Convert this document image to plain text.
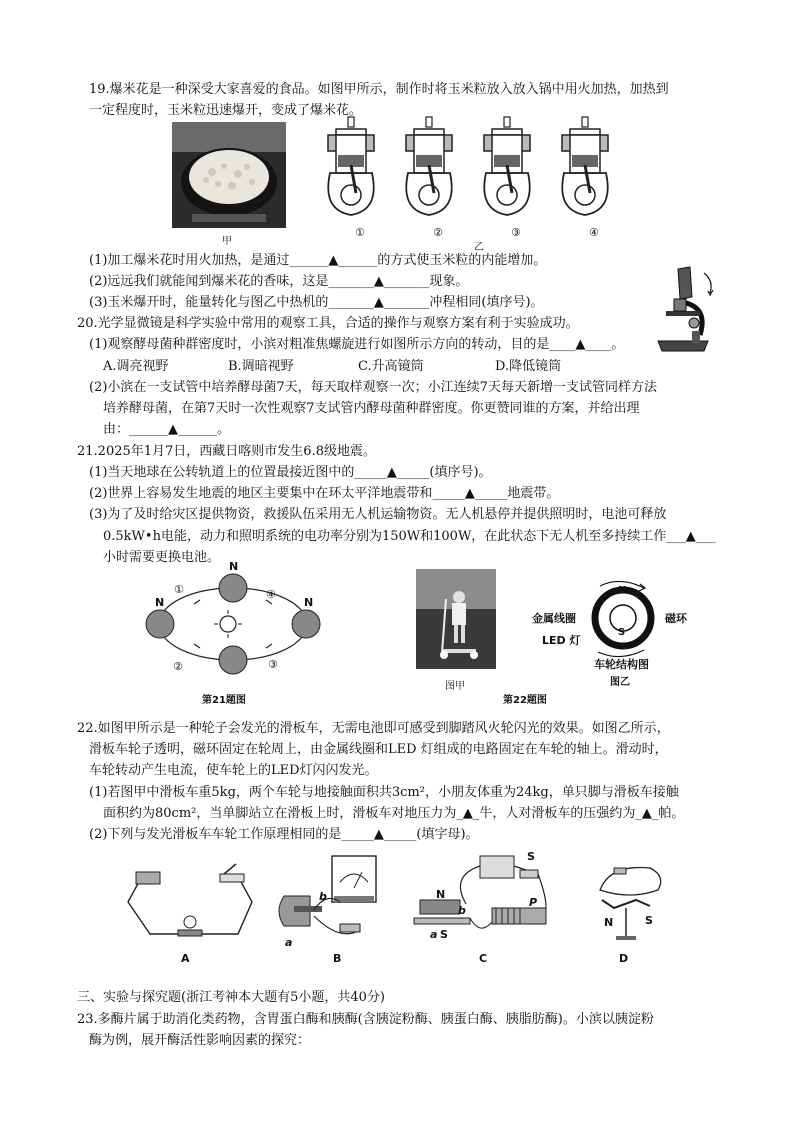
19.爆米花是一种深受大家喜爱的食品。如图甲所示，制作时将玉米粒放入放入锅中用火加热，加热到
一定程度时，玉米粒迅速爆开，变成了爆米花。
甲
①	②	③	④
乙
(1)加工爆米花时用火加热，是通过______▲______的方式使玉米粒的内能增加。
(2)远远我们就能闻到爆米花的香味，这是_______▲_______现象。
(3)玉米爆开时，能量转化与图乙中热机的_______▲_______冲程相同(填序号)。
20.光学显微镜是科学实验中常用的观察工具，合适的操作与观察方案有利于实验成功。
(1)观察酵母菌种群密度时，小滨对粗准焦螺旋进行如图所示方向的转动，目的是____▲____。
A.调亮视野	B.调暗视野	C.升高镜筒	D.降低镜筒
(2)小滨在一支试管中培养酵母菌7天，每天取样观察一次；小江连续7天每天新增一支试管同样方法
培养酵母菌，在第7天时一次性观察7支试管内酵母菌种群密度。你更赞同谁的方案，并给出理
由：______▲______。
21.2025年1月7日，西藏日喀则市发生6.8级地震。
(1)当天地球在公转轨道上的位置最接近图中的_____▲_____(填序号)。
(2)世界上容易发生地震的地区主要集中在环太平洋地震带和_____▲_____地震带。
(3)为了及时给灾区提供物资，救援队伍采用无人机运输物资。无人机悬停并提供照明时，电池可释放
0.5kW•h电能，动力和照明系统的电功率分别为150W和100W，在此状态下无人机至多持续工作___▲___
小时需要更换电池。
N
N
N
①
②	③
④
第21题图
图甲
N
S
金属线圈
LED 灯
磁环
车轮结构图
图乙
第22题图
22.如图甲所示是一种轮子会发光的滑板车，无需电池即可感受到脚踏风火轮闪光的效果。如图乙所示，
滑板车轮子透明，磁环固定在轮周上，由金属线圈和LED 灯组成的电路固定在车轮的轴上。滑动时，
车轮转动产生电流，使车轮上的LED灯闪闪发光。
(1)若图甲中滑板车重5kg，两个车轮与地接触面积共3cm²，小朋友体重为24kg，单只脚与滑板车接触
面积约为80cm²，当单脚站立在滑板上时，滑板车对地压力为_▲_牛，人对滑板车的压强约为_▲_帕。
(2)下列与发光滑板车车轮工作原理相同的是_____▲_____(填字母)。
A
b
a
B
N
b
a S
S
P
C
N	S
D
三、实验与探究题(浙江考神本大题有5小题，共40分)
23.多酶片属于助消化类药物，含胃蛋白酶和胰酶(含胰淀粉酶、胰蛋白酶、胰脂肪酶)。小滨以胰淀粉
酶为例，展开酶活性影响因素的探究：
